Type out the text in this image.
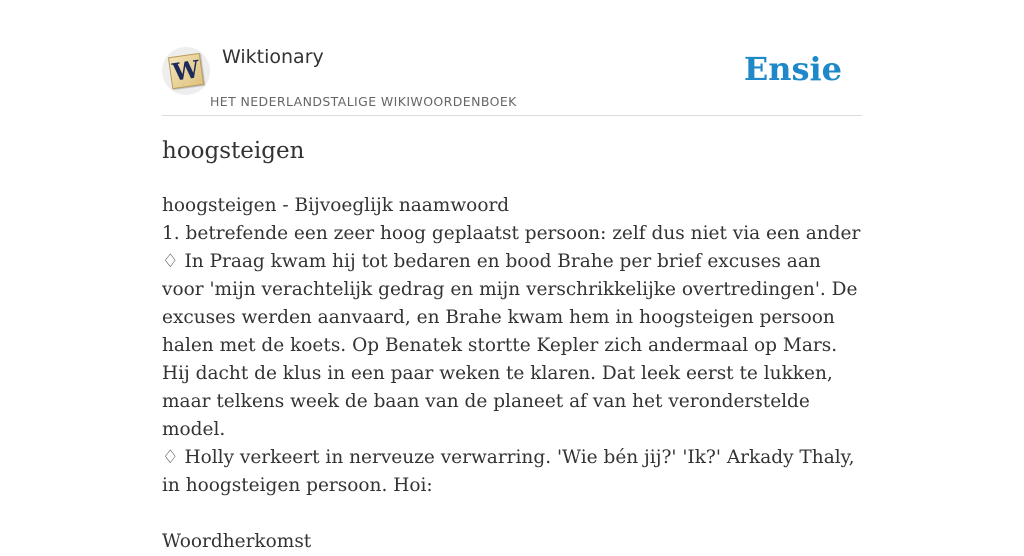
W Wiktionary
HET NEDERLANDSTALIGE WIKIWOORDENBOEK
Ensie
hoogsteigen

hoogsteigen - Bijvoeglijk naamwoord

1. betrefende een zeer hoog geplaatst persoon: zelf dus niet via een ander

♢ In Praag kwam hij tot bedaren en bood Brahe per brief excuses aan voor 'mijn verachtelijk gedrag en mijn verschrikkelijke overtredingen'. De excuses werden aanvaard, en Brahe kwam hem in hoogsteigen persoon halen met de koets. Op Benatek stortte Kepler zich andermaal op Mars. Hij dacht de klus in een paar weken te klaren. Dat leek eerst te lukken, maar telkens week de baan van de planeet af van het veronderstelde model.

♢ Holly verkeert in nerveuze verwarring. 'Wie bén jij?' 'Ik?' Arkady Thaly, in hoogsteigen persoon. Hoi:

Woordherkomst
